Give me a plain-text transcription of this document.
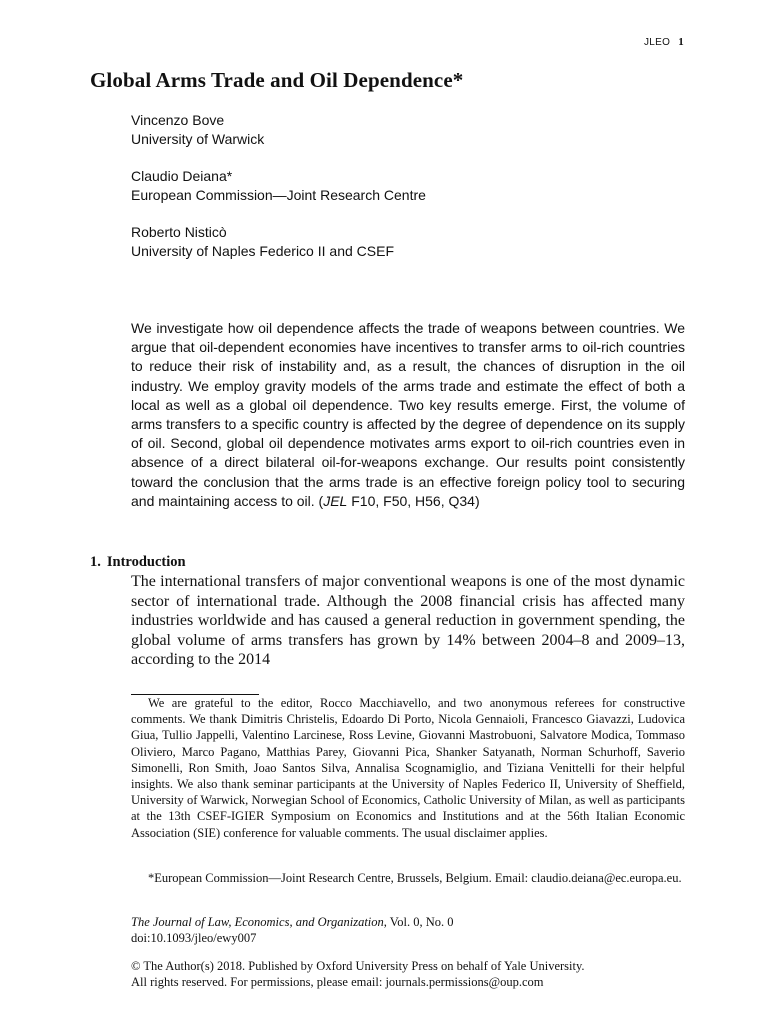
JLEO 1
Global Arms Trade and Oil Dependence*
Vincenzo Bove
University of Warwick
Claudio Deiana*
European Commission—Joint Research Centre
Roberto Nisticò
University of Naples Federico II and CSEF

We investigate how oil dependence affects the trade of weapons between countries. We argue that oil-dependent economies have incentives to transfer arms to oil-rich countries to reduce their risk of instability and, as a result, the chances of disruption in the oil industry. We employ gravity models of the arms trade and estimate the effect of both a local as well as a global oil dependence. Two key results emerge. First, the volume of arms transfers to a specific country is affected by the degree of dependence on its supply of oil. Second, global oil dependence motivates arms export to oil-rich countries even in absence of a direct bilateral oil-for-weapons exchange. Our results point consistently toward the conclusion that the arms trade is an effective foreign policy tool to securing and maintaining access to oil. (JEL F10, F50, H56, Q34)

1. Introduction

The international transfers of major conventional weapons is one of the most dynamic sector of international trade. Although the 2008 financial crisis has affected many industries worldwide and has caused a general reduction in government spending, the global volume of arms transfers has grown by 14% between 2004–8 and 2009–13, according to the 2014

We are grateful to the editor, Rocco Macchiavello, and two anonymous referees for constructive comments. We thank Dimitris Christelis, Edoardo Di Porto, Nicola Gennaioli, Francesco Giavazzi, Ludovica Giua, Tullio Jappelli, Valentino Larcinese, Ross Levine, Giovanni Mastrobuoni, Salvatore Modica, Tommaso Oliviero, Marco Pagano, Matthias Parey, Giovanni Pica, Shanker Satyanath, Norman Schurhoff, Saverio Simonelli, Ron Smith, Joao Santos Silva, Annalisa Scognamiglio, and Tiziana Venittelli for their helpful insights. We also thank seminar participants at the University of Naples Federico II, University of Sheffield, University of Warwick, Norwegian School of Economics, Catholic University of Milan, as well as participants at the 13th CSEF-IGIER Symposium on Economics and Institutions and at the 56th Italian Economic Association (SIE) conference for valuable comments. The usual disclaimer applies.

*European Commission—Joint Research Centre, Brussels, Belgium. Email: claudio.deiana@ec.europa.eu.

The Journal of Law, Economics, and Organization, Vol. 0, No. 0
doi:10.1093/jleo/ewy007
© The Author(s) 2018. Published by Oxford University Press on behalf of Yale University.
All rights reserved. For permissions, please email: journals.permissions@oup.com
